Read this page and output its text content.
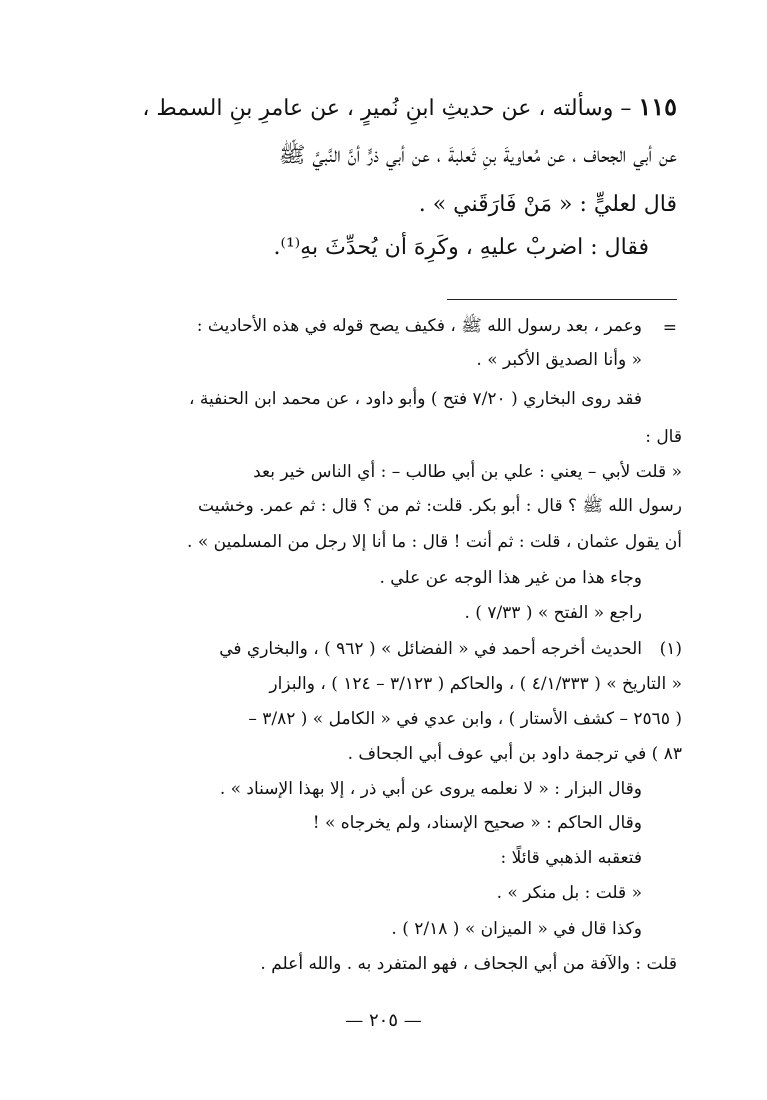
١١٥ – وسألته ، عن حديثِ ابنِ نُميرٍ ، عن عامرِ بنِ السمط ،
عن أبي الجحاف ، عن مُعاويةَ بنِ ثَعلبةَ ، عن أبي ذرٍّ أنَّ النَّبيَّ ﷺ
قال لعليٍّ : « مَنْ فَارَقَني » .
فقال : اضربْ عليهِ ، وكَرِهَ أن يُحدِّثَ بهِ⁽¹⁾.
=
وعمر ، بعد رسول الله ﷺ ، فكيف يصح قوله في هذه الأحاديث :
« وأنا الصديق الأكبر » .
فقد روى البخاري ( ٧/٢٠ فتح ) وأبو داود ، عن محمد ابن الحنفية ،
قال :
« قلت لأبي – يعني : علي بن أبي طالب – : أي الناس خير بعد
رسول الله ﷺ ؟ قال : أبو بكر. قلت: ثم من ؟ قال : ثم عمر. وخشيت
أن يقول عثمان ، قلت : ثم أنت ! قال : ما أنا إلا رجل من المسلمين » .
وجاء هذا من غير هذا الوجه عن علي .
راجع « الفتح » ( ٧/٣٣ ) .
(١)
الحديث أخرجه أحمد في « الفضائل » ( ٩٦٢ ) ، والبخاري في
« التاريخ » ( ٤/١/٣٣٣ ) ، والحاكم ( ٣/١٢٣ – ١٢٤ ) ، والبزار
( ٢٥٦٥ – كشف الأستار ) ، وابن عدي في « الكامل » ( ٣/٨٢ –
٨٣ ) في ترجمة داود بن أبي عوف أبي الجحاف .
وقال البزار : « لا نعلمه يروى عن أبي ذر ، إلا بهذا الإسناد » .
وقال الحاكم : « صحيح الإسناد، ولم يخرجاه » !
فتعقبه الذهبي قائلًا :
« قلت : بل منكر » .
وكذا قال في « الميزان » ( ٢/١٨ ) .
قلت : والآفة من أبي الجحاف ، فهو المتفرد به . والله أعلم .
— ٢٠٥ —
